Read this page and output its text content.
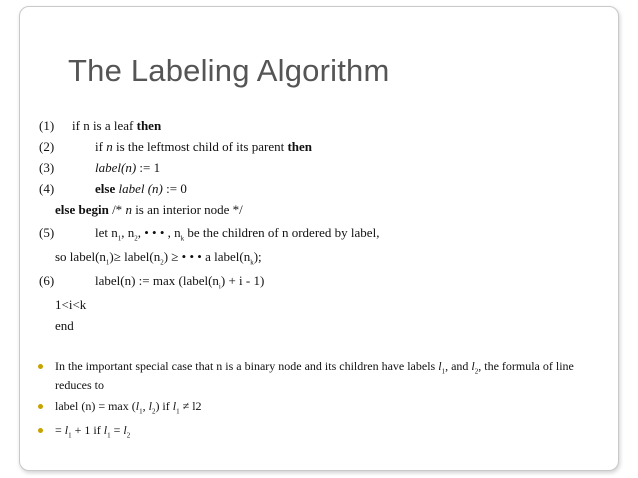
The Labeling Algorithm
(1) if n is a leaf then
(2)	if n is the leftmost child of its parent then
(3)	label(n) := 1
(4)	else label (n) := 0
else begin /* n is an interior node */
(5)	let $n_1$, $n_2$, • • • , $n_k$ be the children of n ordered by label,
so $label(n_1)\ge$ $label(n_2)$ ≥ • • • a $label(n_k)$;
(6)	label(n) := $\max (label(n_i) + i - 1)$
1<i<k
end
In the important special case that n is a binary node and its children have labels $l_1$, and $l_2$, the formula of line
reduces to
label $(n) = \max (l_1$, $l_2$) if $l_1 \ne l2$
= $l_1 + 1$ if $l_1 = l_2$
